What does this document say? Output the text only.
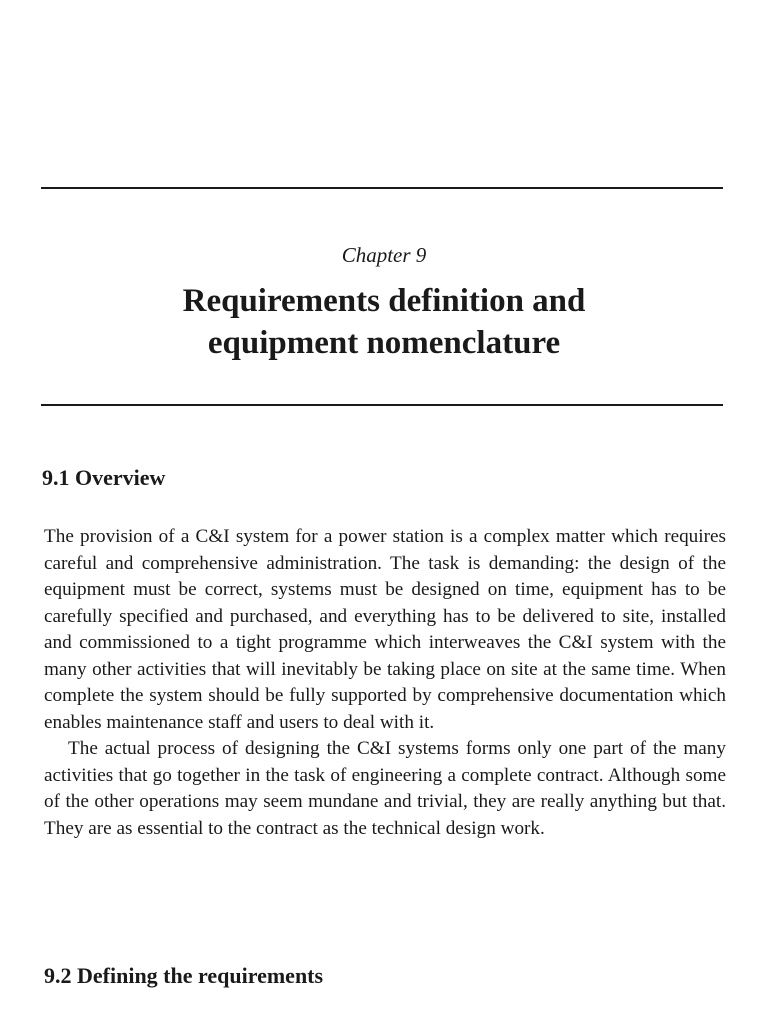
Chapter 9
Requirements definition and
equipment nomenclature
9.1 Overview

The provision of a C&I system for a power station is a complex matter which requires careful and comprehensive administration. The task is demanding: the design of the equipment must be correct, systems must be designed on time, equipment has to be carefully specified and purchased, and everything has to be delivered to site, installed and commissioned to a tight programme which interweaves the C&I system with the many other activities that will inevitably be taking place on site at the same time. When complete the system should be fully supported by comprehensive documentation which enables maintenance staff and users to deal with it.

The actual process of designing the C&I systems forms only one part of the many activities that go together in the task of engineering a complete contract. Although some of the other operations may seem mundane and trivial, they are really anything but that. They are as essential to the contract as the technical design work.

9.2 Defining the requirements
